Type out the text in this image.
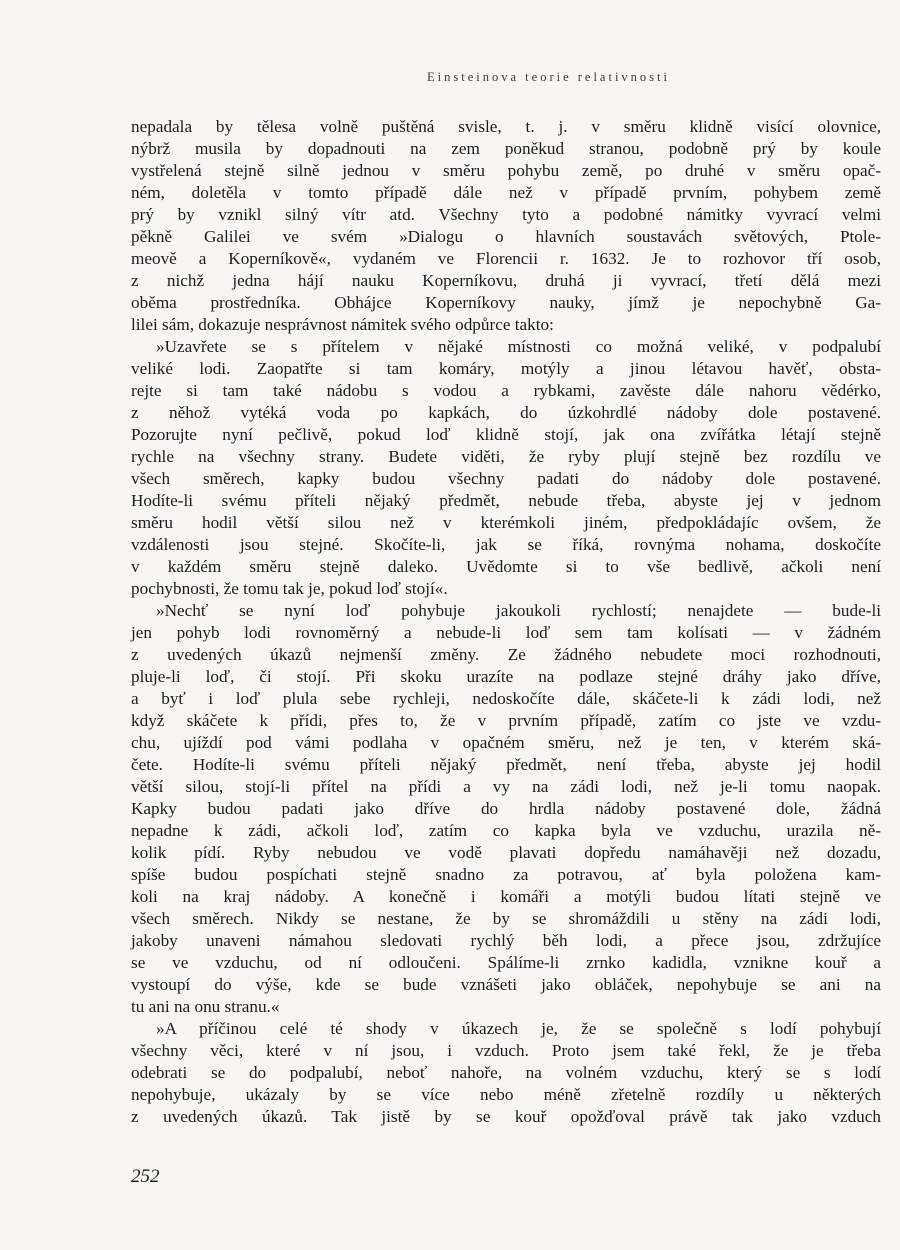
Einsteinova teorie relativnosti
nepadala by tělesa volně puštěná svisle, t. j. v směru klidně visící olovnice,
nýbrž musila by dopadnouti na zem poněkud stranou, podobně prý by koule
vystřelená stejně silně jednou v směru pohybu země, po druhé v směru opač-
ném, doletěla v tomto případě dále než v případě prvním, pohybem země
prý by vznikl silný vítr atd. Všechny tyto a podobné námitky vyvrací velmi
pěkně Galilei ve svém »Dialogu o hlavních soustavách světových, Ptole-
meově a Koperníkově«, vydaném ve Florencii r. 1632. Je to rozhovor tří osob,
z nichž jedna hájí nauku Koperníkovu, druhá ji vyvrací, třetí dělá mezi
oběma prostředníka. Obhájce Koperníkovy nauky, jímž je nepochybně Ga-
lilei sám, dokazuje nesprávnost námitek svého odpůrce takto:
»Uzavřete se s přítelem v nějaké místnosti co možná veliké, v podpalubí
veliké lodi. Zaopatřte si tam komáry, motýly a jinou létavou havěť, obsta-
rejte si tam také nádobu s vodou a rybkami, zavěste dále nahoru vědérko,
z něhož vytéká voda po kapkách, do úzkohrdlé nádoby dole postavené.
Pozorujte nyní pečlivě, pokud loď klidně stojí, jak ona zvířátka létají stejně
rychle na všechny strany. Budete viděti, že ryby plují stejně bez rozdílu ve
všech směrech, kapky budou všechny padati do nádoby dole postavené.
Hodíte-li svému příteli nějaký předmět, nebude třeba, abyste jej v jednom
směru hodil větší silou než v kterémkoli jiném, předpokládajíc ovšem, že
vzdálenosti jsou stejné. Skočíte-li, jak se říká, rovnýma nohama, doskočíte
v každém směru stejně daleko. Uvědomte si to vše bedlivě, ačkoli není
pochybnosti, že tomu tak je, pokud loď stojí«.
»Nechť se nyní loď pohybuje jakoukoli rychlostí; nenajdete — bude-li
jen pohyb lodi rovnoměrný a nebude-li loď sem tam kolísati — v žádném
z uvedených úkazů nejmenší změny. Ze žádného nebudete moci rozhodnouti,
pluje-li loď, či stojí. Při skoku urazíte na podlaze stejné dráhy jako dříve,
a byť i loď plula sebe rychleji, nedoskočíte dále, skáčete-li k zádi lodi, než
když skáčete k přídi, přes to, že v prvním případě, zatím co jste ve vzdu-
chu, ujíždí pod vámi podlaha v opačném směru, než je ten, v kterém ská-
čete. Hodíte-li svému příteli nějaký předmět, není třeba, abyste jej hodil
větší silou, stojí-li přítel na přídi a vy na zádi lodi, než je-li tomu naopak.
Kapky budou padati jako dříve do hrdla nádoby postavené dole, žádná
nepadne k zádi, ačkoli loď, zatím co kapka byla ve vzduchu, urazila ně-
kolik pídí. Ryby nebudou ve vodě plavati dopředu namáhavěji než dozadu,
spíše budou pospíchati stejně snadno za potravou, ať byla položena kam-
koli na kraj nádoby. A konečně i komáři a motýli budou lítati stejně ve
všech směrech. Nikdy se nestane, že by se shromáždili u stěny na zádi lodi,
jakoby unaveni námahou sledovati rychlý běh lodi, a přece jsou, zdržujíce
se ve vzduchu, od ní odloučeni. Spálíme-li zrnko kadidla, vznikne kouř a
vystoupí do výše, kde se bude vznášeti jako obláček, nepohybuje se ani na
tu ani na onu stranu.«
»A příčinou celé té shody v úkazech je, že se společně s lodí pohybují
všechny věci, které v ní jsou, i vzduch. Proto jsem také řekl, že je třeba
odebrati se do podpalubí, neboť nahoře, na volném vzduchu, který se s lodí
nepohybuje, ukázaly by se více nebo méně zřetelně rozdíly u některých
z uvedených úkazů. Tak jistě by se kouř opožďoval právě tak jako vzduch
252
